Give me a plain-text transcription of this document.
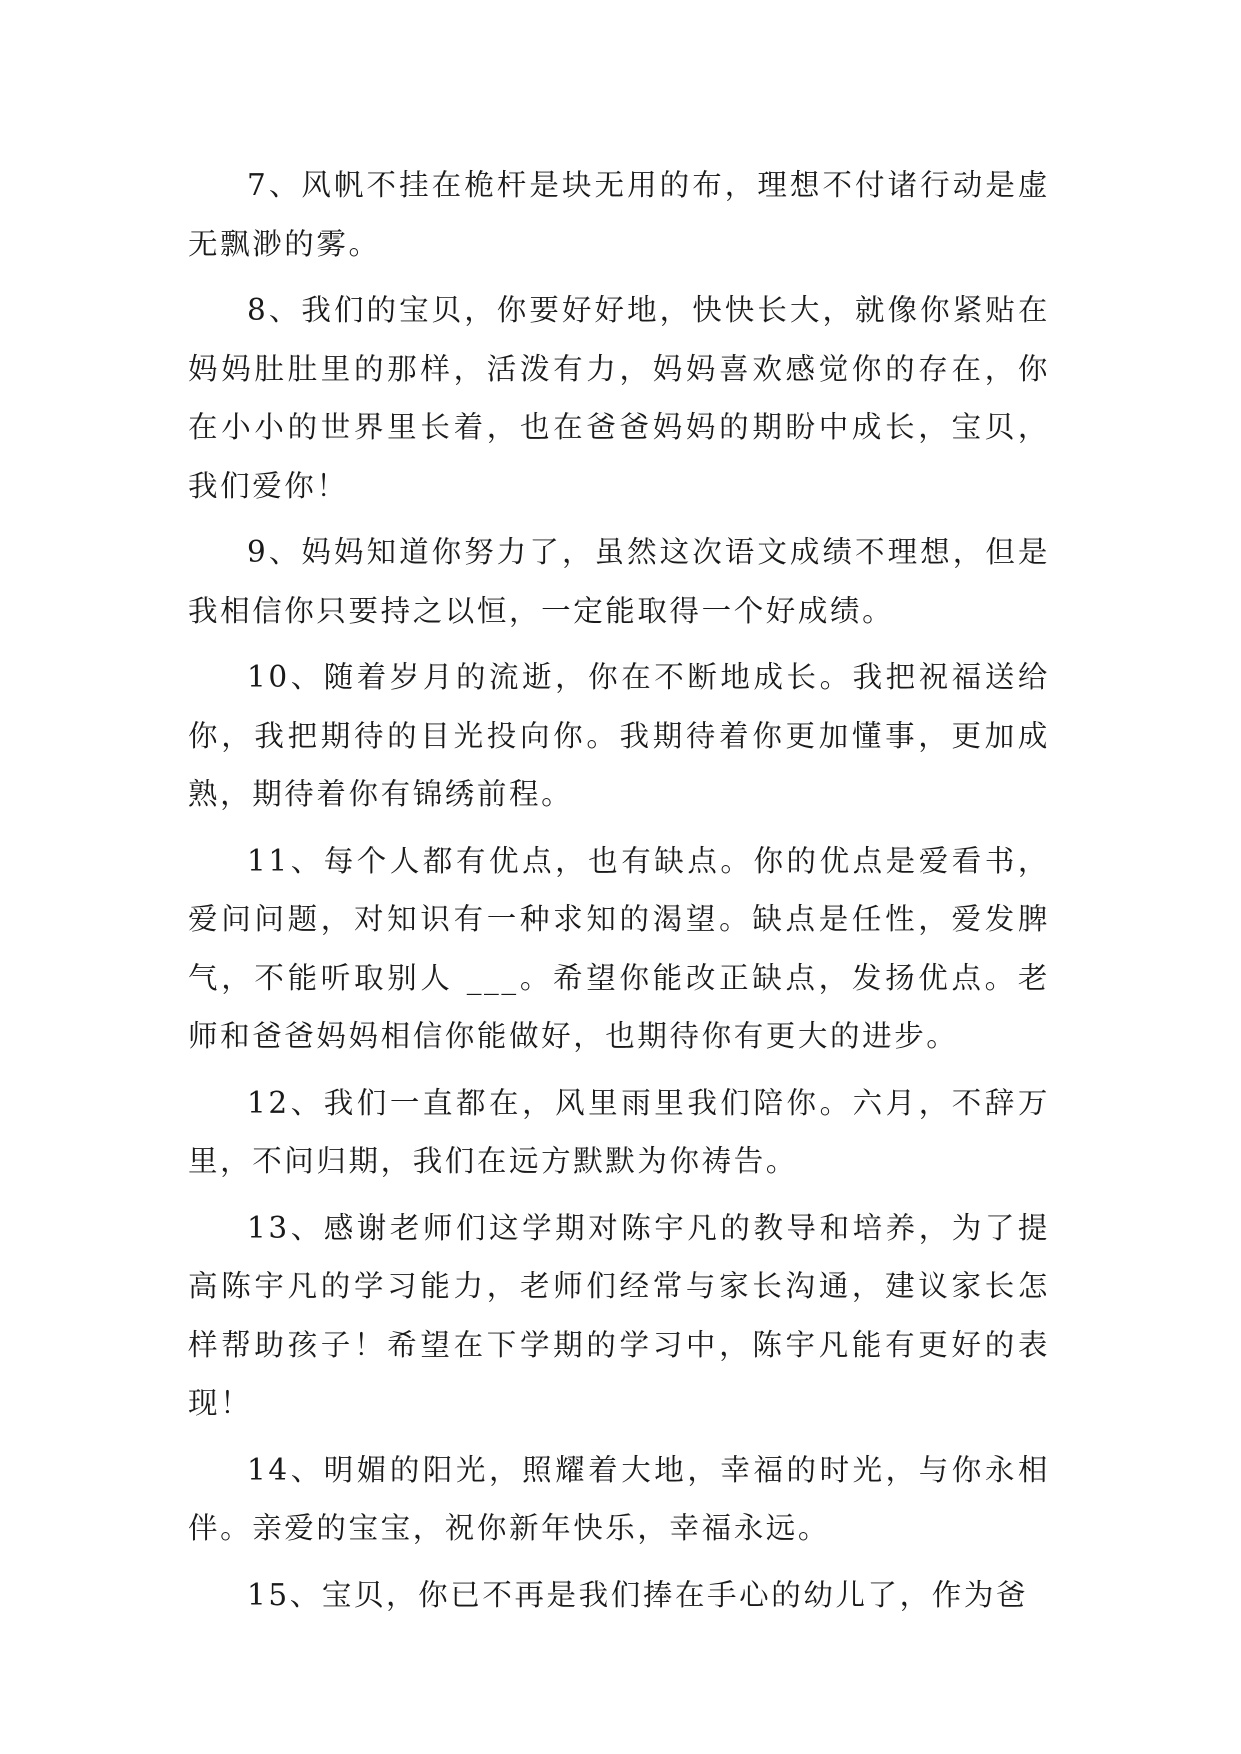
7、风帆不挂在桅杆是块无用的布，理想不付诸行动是虚无飘渺的雾。

8、我们的宝贝，你要好好地，快快长大，就像你紧贴在妈妈肚肚里的那样，活泼有力，妈妈喜欢感觉你的存在，你在小小的世界里长着，也在爸爸妈妈的期盼中成长，宝贝，我们爱你！

9、妈妈知道你努力了，虽然这次语文成绩不理想，但是我相信你只要持之以恒，一定能取得一个好成绩。

10、随着岁月的流逝，你在不断地成长。我把祝福送给你，我把期待的目光投向你。我期待着你更加懂事，更加成熟，期待着你有锦绣前程。

11、每个人都有优点，也有缺点。你的优点是爱看书，爱问问题，对知识有一种求知的渴望。缺点是任性，爱发脾气，不能听取别人 ___。希望你能改正缺点，发扬优点。老师和爸爸妈妈相信你能做好，也期待你有更大的进步。

12、我们一直都在，风里雨里我们陪你。六月，不辞万里，不问归期，我们在远方默默为你祷告。

13、感谢老师们这学期对陈宇凡的教导和培养，为了提高陈宇凡的学习能力，老师们经常与家长沟通，建议家长怎样帮助孩子！希望在下学期的学习中，陈宇凡能有更好的表现！

14、明媚的阳光，照耀着大地，幸福的时光，与你永相伴。亲爱的宝宝，祝你新年快乐，幸福永远。

15、宝贝，你已不再是我们捧在手心的幼儿了，作为爸
